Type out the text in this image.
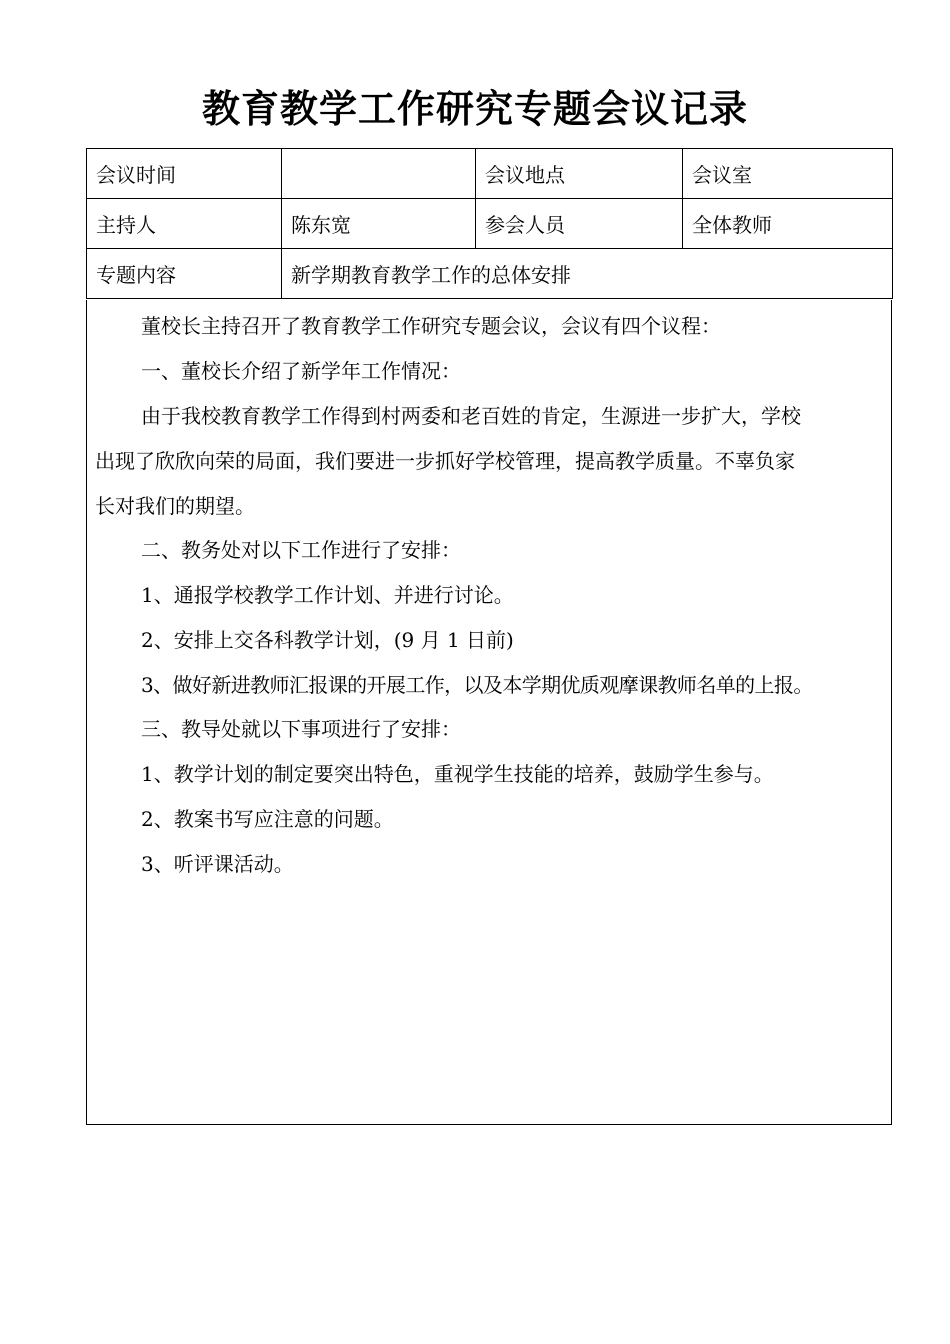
教育教学工作研究专题会议记录
会议时间		会议地点	会议室
主持人	陈东宽	参会人员	全体教师
专题内容	新学期教育教学工作的总体安排		

董校长主持召开了教育教学工作研究专题会议，会议有四个议程：

一、董校长介绍了新学年工作情况：

由于我校教育教学工作得到村两委和老百姓的肯定，生源进一步扩大，学校

出现了欣欣向荣的局面，我们要进一步抓好学校管理，提高教学质量。不辜负家

长对我们的期望。

二、教务处对以下工作进行了安排：

1、通报学校教学工作计划、并进行讨论。

2、安排上交各科教学计划，(9 月 1 日前)

3、做好新进教师汇报课的开展工作，以及本学期优质观摩课教师名单的上报。

三、教导处就以下事项进行了安排：

1、教学计划的制定要突出特色，重视学生技能的培养，鼓励学生参与。

2、教案书写应注意的问题。

3、听评课活动。
